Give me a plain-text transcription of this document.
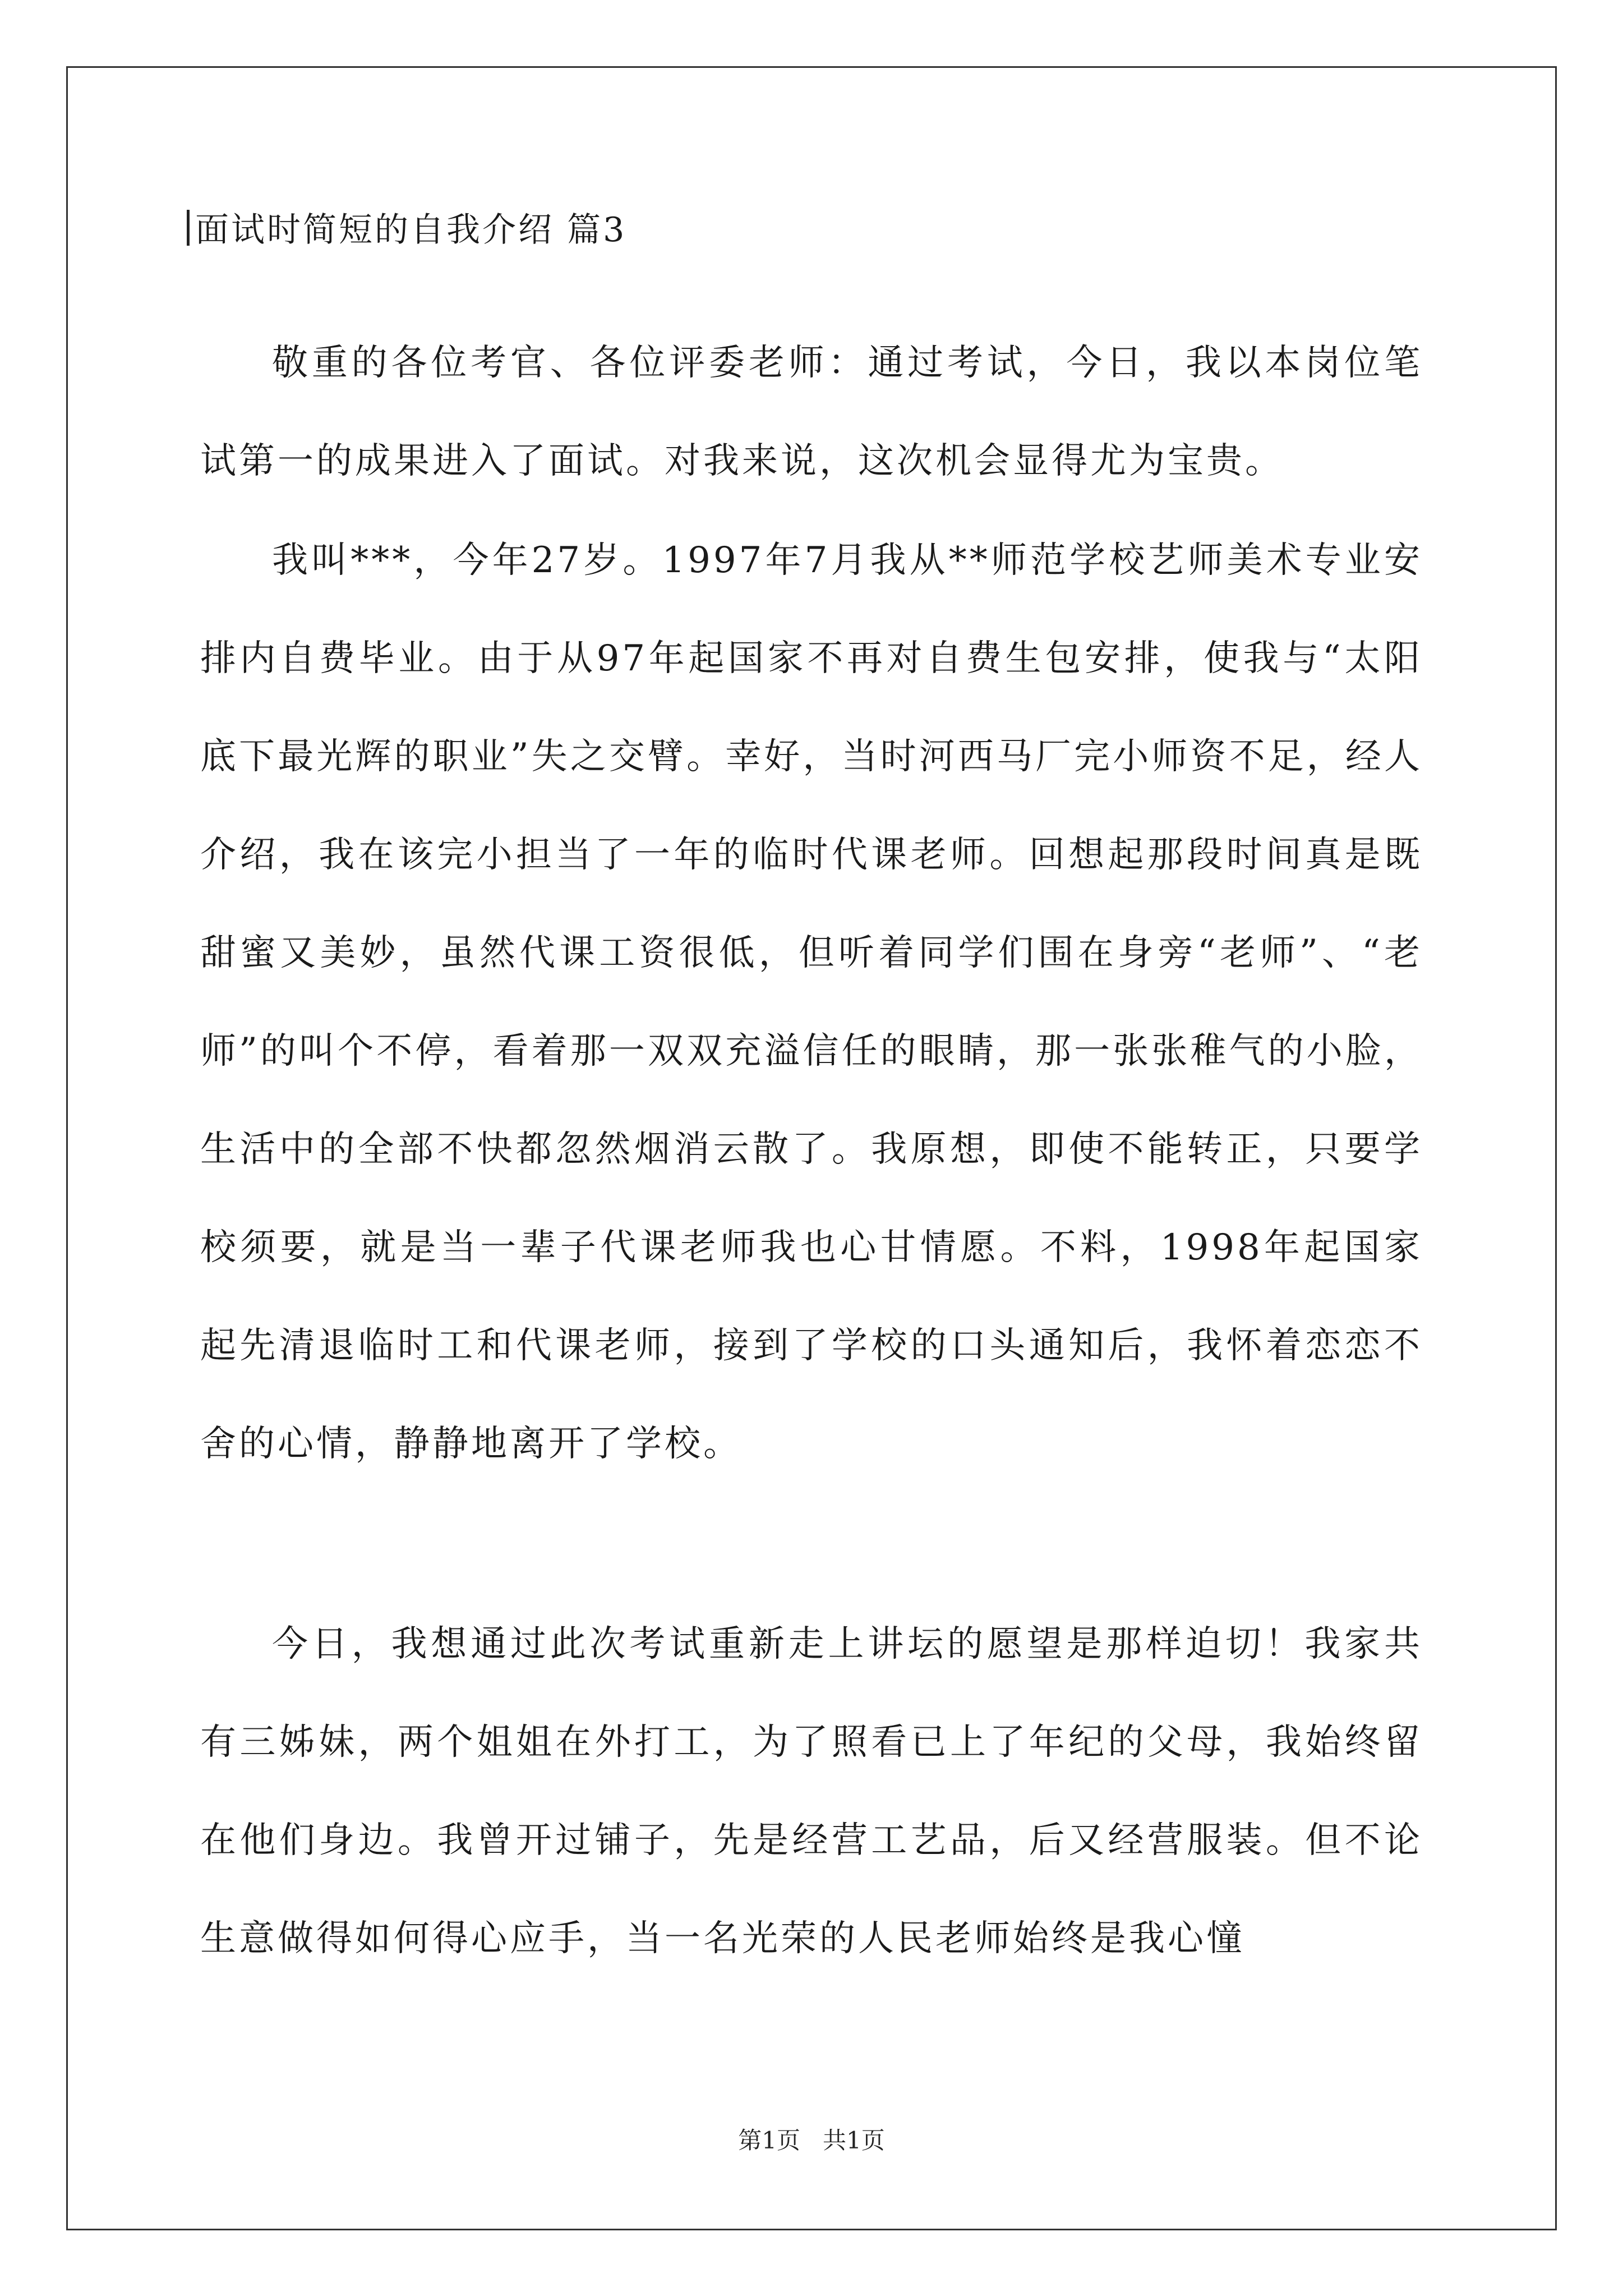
面试时简短的自我介绍 篇3

敬重的各位考官、各位评委老师：通过考试，今日，我以本岗位笔试第一的成果进入了面试。对我来说，这次机会显得尤为宝贵。

我叫***，今年27岁。1997年7月我从**师范学校艺师美术专业安排内自费毕业。由于从97年起国家不再对自费生包安排，使我与“太阳底下最光辉的职业”失之交臂。幸好，当时河西马厂完小师资不足，经人介绍，我在该完小担当了一年的临时代课老师。回想起那段时间真是既甜蜜又美妙，虽然代课工资很低，但听着同学们围在身旁“老师”、“老师”的叫个不停，看着那一双双充溢信任的眼睛，那一张张稚气的小脸，生活中的全部不快都忽然烟消云散了。我原想，即使不能转正，只要学校须要，就是当一辈子代课老师我也心甘情愿。不料，1998年起国家起先清退临时工和代课老师，接到了学校的口头通知后，我怀着恋恋不舍的心情，静静地离开了学校。

今日，我想通过此次考试重新走上讲坛的愿望是那样迫切！我家共有三姊妹，两个姐姐在外打工，为了照看已上了年纪的父母，我始终留在他们身边。我曾开过铺子，先是经营工艺品，后又经营服装。但不论生意做得如何得心应手，当一名光荣的人民老师始终是我心憧

第1页 共1页
